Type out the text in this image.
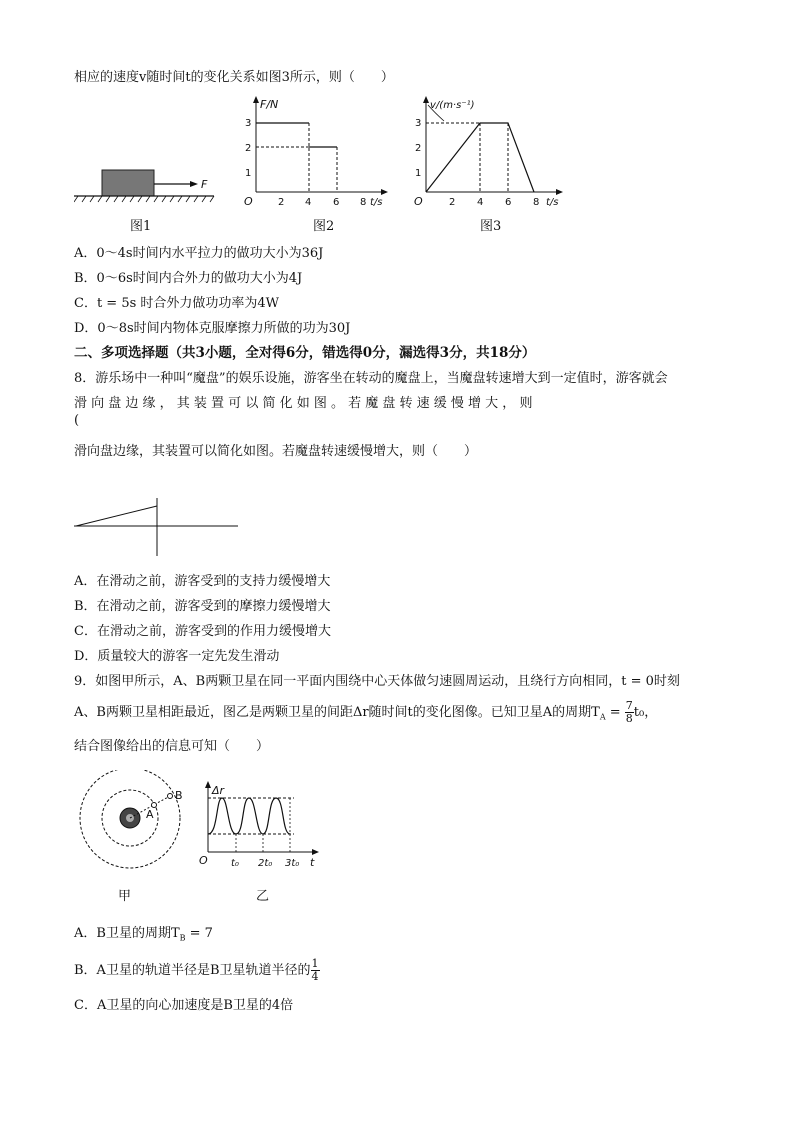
相应的速度v随时间t的变化关系如图3所示，则（　　）
F
图1
F/N
t/s
O
3
2
1
2 4 6 8
图2
v/(m·s⁻¹)
t/s
O
3
2
1
2 4 6 8
图3
A．0～4s时间内水平拉力的做功大小为36J
B．0～6s时间内合外力的做功大小为4J
C．t = 5s 时合外力做功功率为4W
D．0～8s时间内物体克服摩擦力所做的功为30J
二、多项选择题（共3小题，全对得6分，错选得0分，漏选得3分，共18分）
8．游乐场中一种叫“魔盘”的娱乐设施，游客坐在转动的魔盘上，当魔盘转速增大到一定值时，游客就会
滑 向 盘 边 缘 ， 其 装 置 可 以 简 化 如 图 。 若 魔 盘 转 速 缓 慢 增 大 ， 则
(
滑向盘边缘，其装置可以简化如图。若魔盘转速缓慢增大，则（　　）
A．在滑动之前，游客受到的支持力缓慢增大
B．在滑动之前，游客受到的摩擦力缓慢增大
C．在滑动之前，游客受到的作用力缓慢增大
D．质量较大的游客一定先发生滑动
9．如图甲所示，A、B两颗卫星在同一平面内围绕中心天体做匀速圆周运动，且绕行方向相同，t = 0时刻
A、B两颗卫星相距最近，图乙是两颗卫星的间距Δr随时间t的变化图像。已知卫星A的周期$T_A = \frac{7}{8} t_0$，
结合图像给出的信息可知（　　）
A
B
甲
Δr
t
O t₀ 2t₀ 3t₀
乙
A．B卫星的周期$T_B = 7$
B．A卫星的轨道半径是B卫星轨道半径的 $\frac{1}{4}$
C．A卫星的向心加速度是B卫星的4倍
